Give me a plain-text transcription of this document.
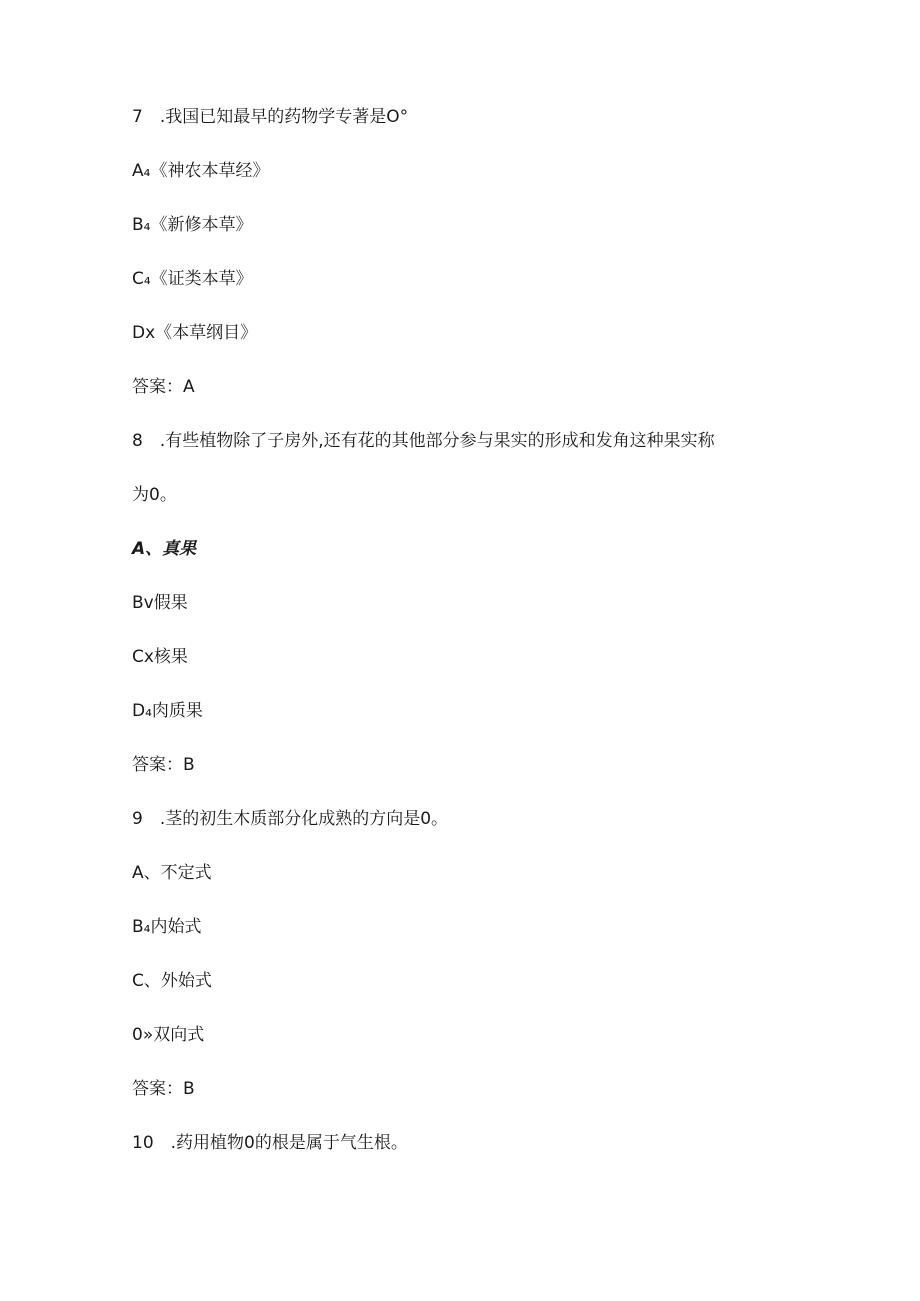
7　.我国已知最早的药物学专著是O°
A₄《神农本草经》
B₄《新修本草》
C₄《证类本草》
Dx《本草纲目》
答案：A
8　.有些植物除了子房外,还有花的其他部分参与果实的形成和发角这种果实称
为0。
A、真果
Bv假果
Cx核果
D₄肉质果
答案：B
9　.茎的初生木质部分化成熟的方向是0。
A、不定式
B₄内始式
C、外始式
0»双向式
答案：B
10　.药用植物0的根是属于气生根。
